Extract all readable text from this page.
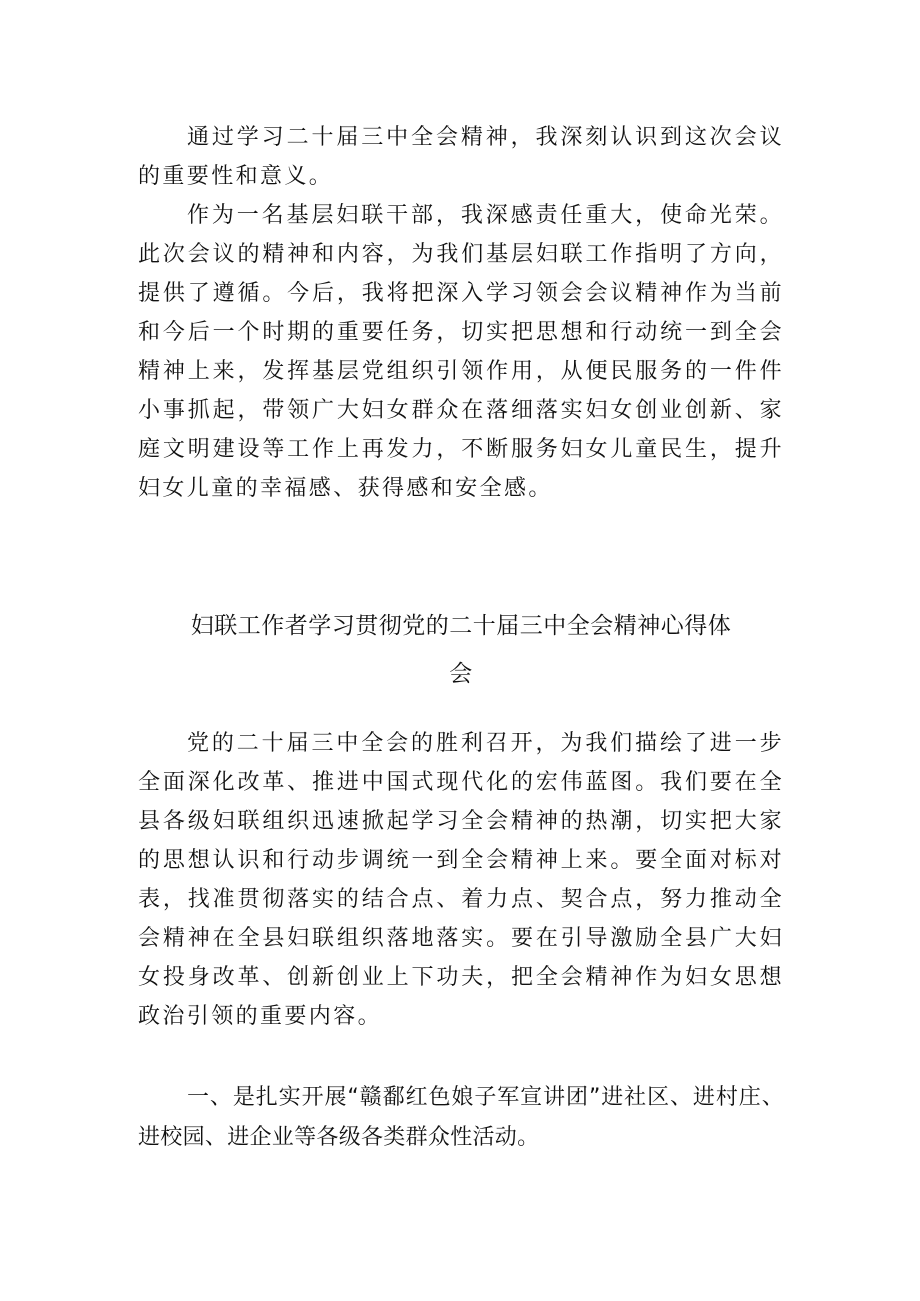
通过学习二十届三中全会精神，我深刻认识到这次会议的重要性和意义。

作为一名基层妇联干部，我深感责任重大，使命光荣。此次会议的精神和内容，为我们基层妇联工作指明了方向，提供了遵循。今后，我将把深入学习领会会议精神作为当前和今后一个时期的重要任务，切实把思想和行动统一到全会精神上来，发挥基层党组织引领作用，从便民服务的一件件小事抓起，带领广大妇女群众在落细落实妇女创业创新、家庭文明建设等工作上再发力，不断服务妇女儿童民生，提升妇女儿童的幸福感、获得感和安全感。

妇联工作者学习贯彻党的二十届三中全会精神心得体
会

党的二十届三中全会的胜利召开，为我们描绘了进一步全面深化改革、推进中国式现代化的宏伟蓝图。我们要在全县各级妇联组织迅速掀起学习全会精神的热潮，切实把大家的思想认识和行动步调统一到全会精神上来。要全面对标对表，找准贯彻落实的结合点、着力点、契合点，努力推动全会精神在全县妇联组织落地落实。要在引导激励全县广大妇女投身改革、创新创业上下功夫，把全会精神作为妇女思想政治引领的重要内容。

一、是扎实开展“赣鄱红色娘子军宣讲团”进社区、进村庄、进校园、进企业等各级各类群众性活动。
